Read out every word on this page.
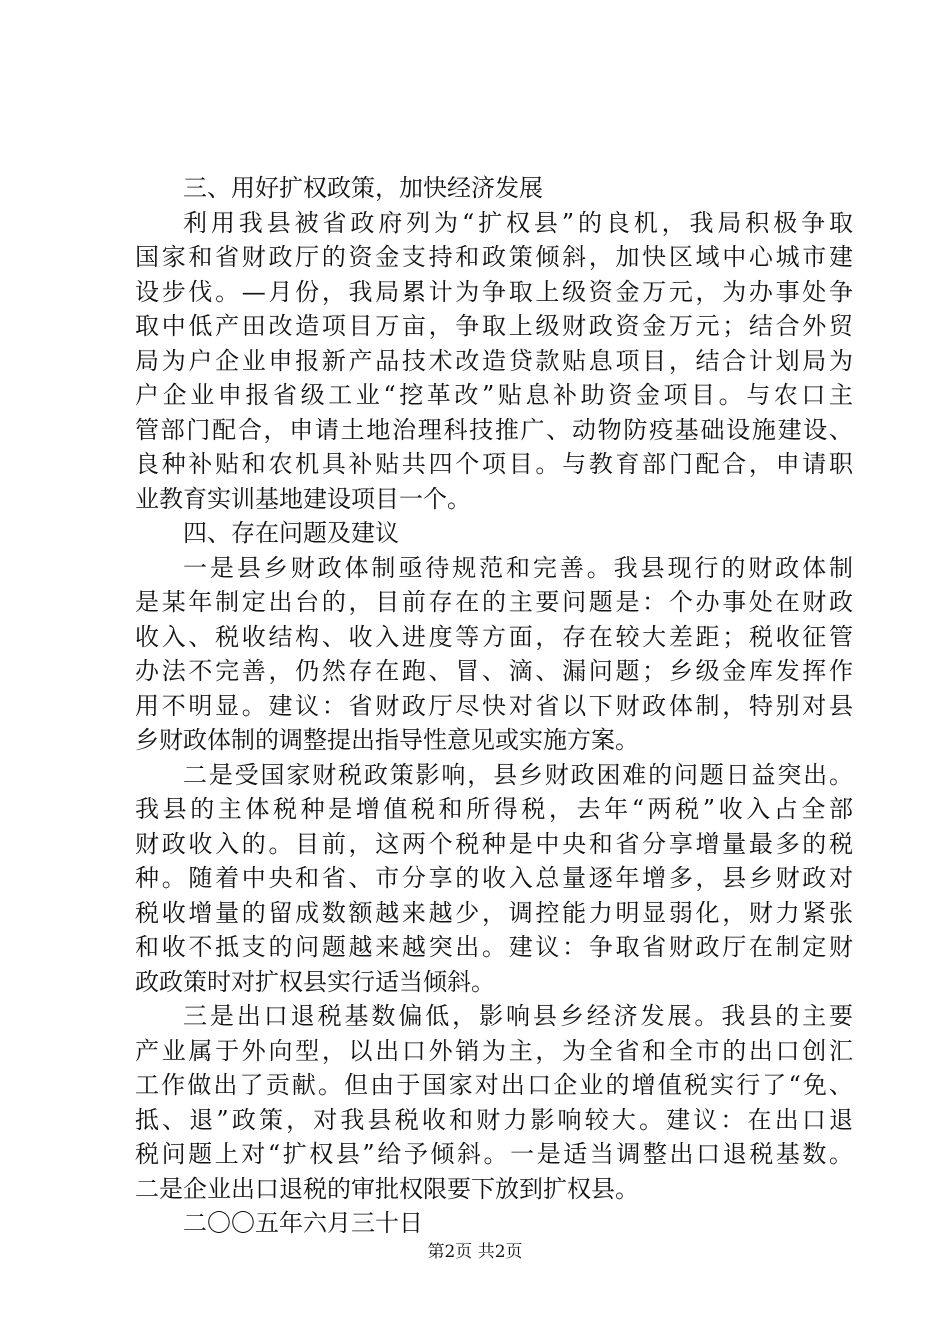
三、用好扩权政策，加快经济发展
利用我县被省政府列为“扩权县”的良机，我局积极争取
国家和省财政厅的资金支持和政策倾斜，加快区域中心城市建
设步伐。—月份，我局累计为争取上级资金万元，为办事处争
取中低产田改造项目万亩，争取上级财政资金万元；结合外贸
局为户企业申报新产品技术改造贷款贴息项目，结合计划局为
户企业申报省级工业“挖革改”贴息补助资金项目。与农口主
管部门配合，申请土地治理科技推广、动物防疫基础设施建设、
良种补贴和农机具补贴共四个项目。与教育部门配合，申请职
业教育实训基地建设项目一个。
四、存在问题及建议
一是县乡财政体制亟待规范和完善。我县现行的财政体制
是某年制定出台的，目前存在的主要问题是：个办事处在财政
收入、税收结构、收入进度等方面，存在较大差距；税收征管
办法不完善，仍然存在跑、冒、滴、漏问题；乡级金库发挥作
用不明显。建议：省财政厅尽快对省以下财政体制，特别对县
乡财政体制的调整提出指导性意见或实施方案。
二是受国家财税政策影响，县乡财政困难的问题日益突出。
我县的主体税种是增值税和所得税，去年“两税”收入占全部
财政收入的。目前，这两个税种是中央和省分享增量最多的税
种。随着中央和省、市分享的收入总量逐年增多，县乡财政对
税收增量的留成数额越来越少，调控能力明显弱化，财力紧张
和收不抵支的问题越来越突出。建议：争取省财政厅在制定财
政政策时对扩权县实行适当倾斜。
三是出口退税基数偏低，影响县乡经济发展。我县的主要
产业属于外向型，以出口外销为主，为全省和全市的出口创汇
工作做出了贡献。但由于国家对出口企业的增值税实行了“免、
抵、退”政策，对我县税收和财力影响较大。建议：在出口退
税问题上对“扩权县”给予倾斜。一是适当调整出口退税基数。
二是企业出口退税的审批权限要下放到扩权县。
二〇〇五年六月三十日
第2页 共2页
